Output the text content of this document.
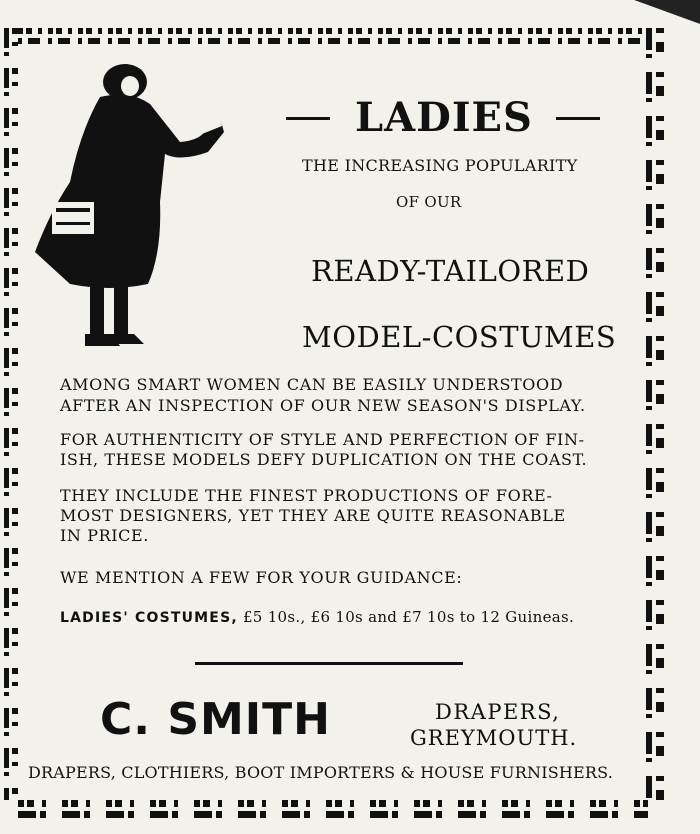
LADIES
THE INCREASING POPULARITY
OF OUR
READY-TAILORED
MODEL-COSTUMES
AMONG SMART WOMEN CAN BE EASILY UNDERSTOOD
AFTER AN INSPECTION OF OUR NEW SEASON'S DISPLAY.
FOR AUTHENTICITY OF STYLE AND PERFECTION OF FIN-
ISH, THESE MODELS DEFY DUPLICATION ON THE COAST.
THEY INCLUDE THE FINEST PRODUCTIONS OF FORE-
MOST DESIGNERS, YET THEY ARE QUITE REASONABLE
IN PRICE.
WE MENTION A FEW FOR YOUR GUIDANCE:
LADIES' COSTUMES, £5 10s., £6 10s and £7 10s to 12 Guineas.
C. SMITH	DRAPERS,
GREYMOUTH.
DRAPERS, CLOTHIERS, BOOT IMPORTERS & HOUSE FURNISHERS.
